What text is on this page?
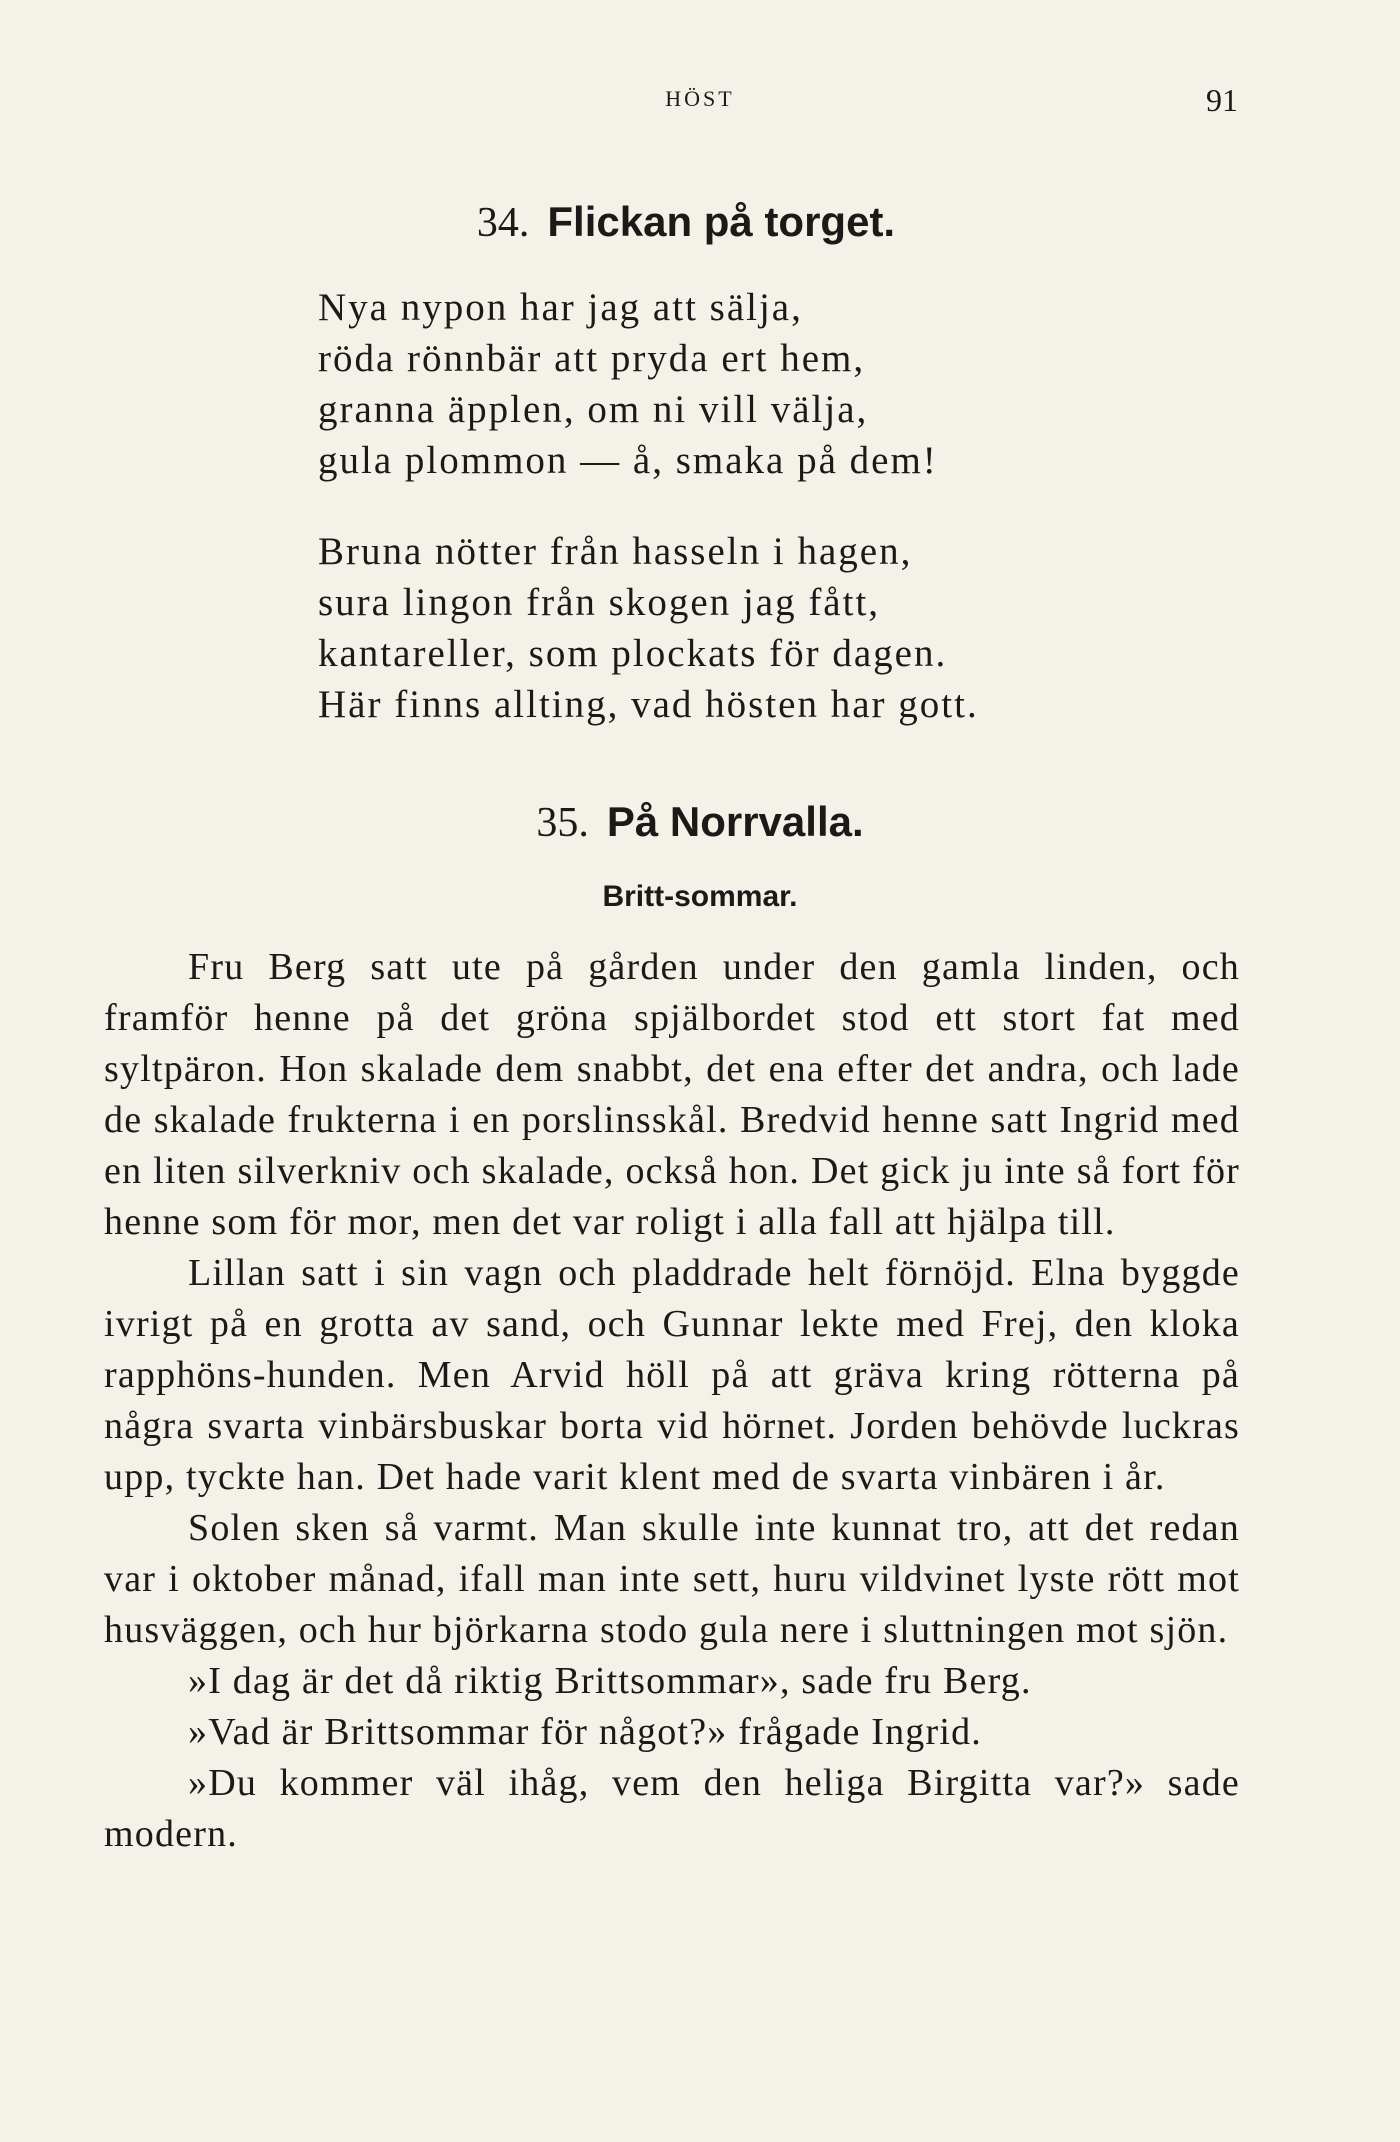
HÖST	91
34. Flickan på torget.
Nya nypon har jag att sälja,
röda rönnbär att pryda ert hem,
granna äpplen, om ni vill välja,
gula plommon — å, smaka på dem!
Bruna nötter från hasseln i hagen,
sura lingon från skogen jag fått,
kantareller, som plockats för dagen.
Här finns allting, vad hösten har gott.
35. På Norrvalla.
Britt-sommar.

Fru Berg satt ute på gården under den gamla linden, och framför henne på det gröna spjälbordet stod ett stort fat med syltpäron. Hon skalade dem snabbt, det ena efter det andra, och lade de skalade frukterna i en porslinsskål. Bredvid henne satt Ingrid med en liten silverkniv och skalade, också hon. Det gick ju inte så fort för henne som för mor, men det var roligt i alla fall att hjälpa till.

Lillan satt i sin vagn och pladdrade helt förnöjd. Elna byggde ivrigt på en grotta av sand, och Gunnar lekte med Frej, den kloka rapphöns-hunden. Men Arvid höll på att gräva kring rötterna på några svarta vinbärsbuskar borta vid hörnet. Jorden behövde luckras upp, tyckte han. Det hade varit klent med de svarta vinbären i år.

Solen sken så varmt. Man skulle inte kunnat tro, att det redan var i oktober månad, ifall man inte sett, huru vildvinet lyste rött mot husväggen, och hur björkarna stodo gula nere i sluttningen mot sjön.

»I dag är det då riktig Brittsommar», sade fru Berg.

»Vad är Brittsommar för något?» frågade Ingrid.

»Du kommer väl ihåg, vem den heliga Birgitta var?» sade modern.
